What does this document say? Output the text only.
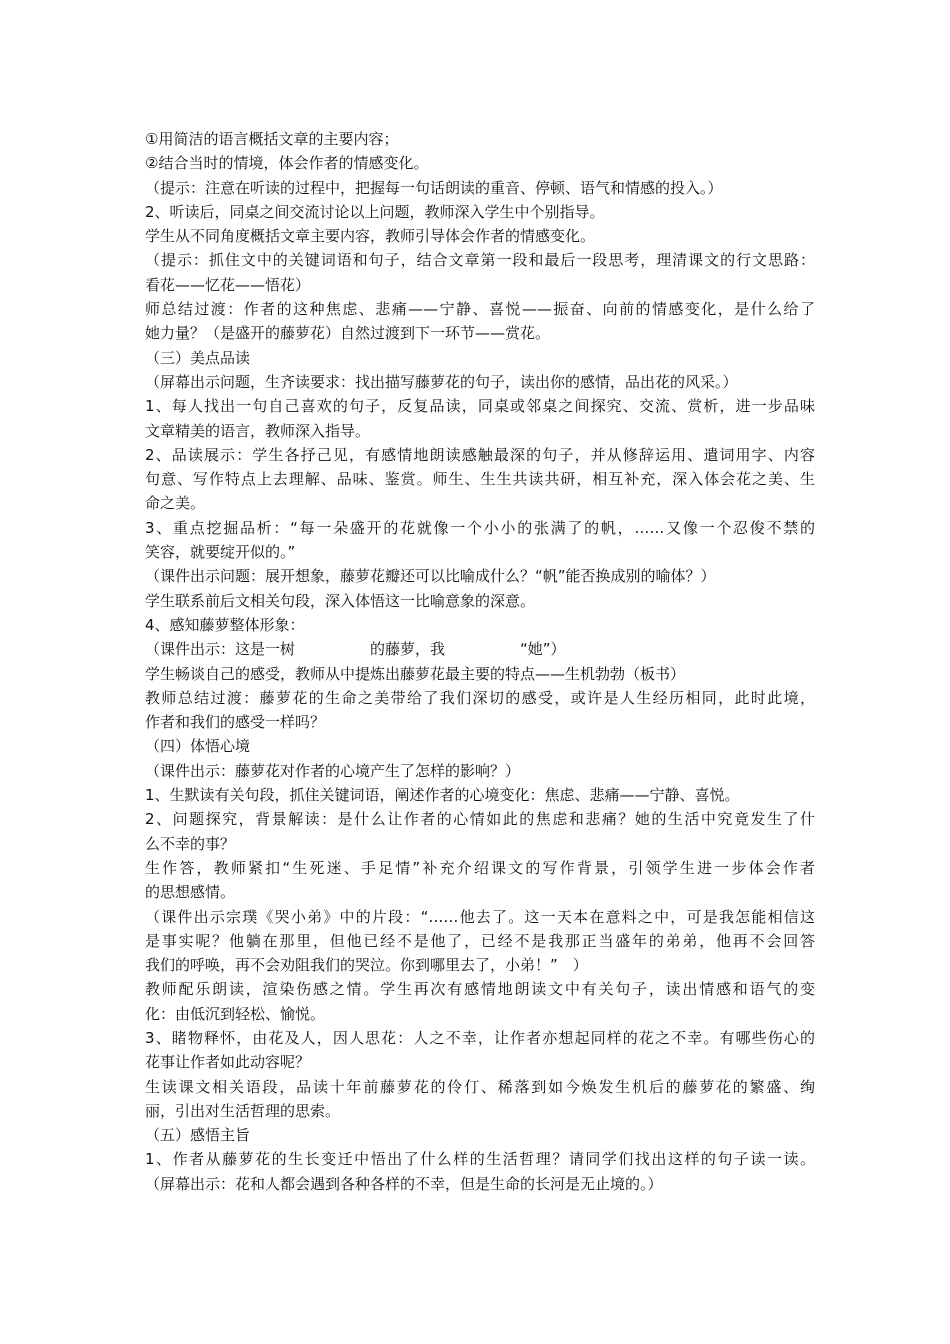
①用简洁的语言概括文章的主要内容；
②结合当时的情境，体会作者的情感变化。
（提示：注意在听读的过程中，把握每一句话朗读的重音、停顿、语气和情感的投入。）
2、听读后，同桌之间交流讨论以上问题，教师深入学生中个别指导。
学生从不同角度概括文章主要内容，教师引导体会作者的情感变化。
（提示：抓住文中的关键词语和句子，结合文章第一段和最后一段思考，理清课文的行文思路：
看花——忆花——悟花）
师总结过渡：作者的这种焦虑、悲痛——宁静、喜悦——振奋、向前的情感变化，是什么给了
她力量？（是盛开的藤萝花）自然过渡到下一环节——赏花。
（三）美点品读
（屏幕出示问题，生齐读要求：找出描写藤萝花的句子，读出你的感情，品出花的风采。）
1、每人找出一句自己喜欢的句子，反复品读，同桌或邻桌之间探究、交流、赏析，进一步品味
文章精美的语言，教师深入指导。
2、品读展示：学生各抒己见，有感情地朗读感触最深的句子，并从修辞运用、遣词用字、内容
句意、写作特点上去理解、品味、鉴赏。师生、生生共读共研，相互补充，深入体会花之美、生
命之美。
3、重点挖掘品析：“每一朵盛开的花就像一个小小的张满了的帆，……又像一个忍俊不禁的
笑容，就要绽开似的。”
（课件出示问题：展开想象，藤萝花瓣还可以比喻成什么？“帆”能否换成别的喻体？）
学生联系前后文相关句段，深入体悟这一比喻意象的深意。
4、感知藤萝整体形象：
（课件出示：这是一树　　　　　的藤萝，我　　　　　“她”）
学生畅谈自己的感受，教师从中提炼出藤萝花最主要的特点——生机勃勃（板书）
教师总结过渡：藤萝花的生命之美带给了我们深切的感受，或许是人生经历相同，此时此境，
作者和我们的感受一样吗？
（四）体悟心境
（课件出示：藤萝花对作者的心境产生了怎样的影响？）
1、生默读有关句段，抓住关键词语，阐述作者的心境变化：焦虑、悲痛——宁静、喜悦。
2、问题探究，背景解读：是什么让作者的心情如此的焦虑和悲痛？她的生活中究竟发生了什
么不幸的事？
生作答，教师紧扣“生死迷、手足情”补充介绍课文的写作背景，引领学生进一步体会作者
的思想感情。
（课件出示宗璞《哭小弟》中的片段：“……他去了。这一天本在意料之中，可是我怎能相信这
是事实呢？他躺在那里，但他已经不是他了，已经不是我那正当盛年的弟弟，他再不会回答
我们的呼唤，再不会劝阻我们的哭泣。你到哪里去了，小弟！”　）
教师配乐朗读，渲染伤感之情。学生再次有感情地朗读文中有关句子，读出情感和语气的变
化：由低沉到轻松、愉悦。
3、睹物释怀，由花及人，因人思花：人之不幸，让作者亦想起同样的花之不幸。有哪些伤心的
花事让作者如此动容呢？
生读课文相关语段，品读十年前藤萝花的伶仃、稀落到如今焕发生机后的藤萝花的繁盛、绚
丽，引出对生活哲理的思索。
（五）感悟主旨
1、作者从藤萝花的生长变迁中悟出了什么样的生活哲理？请同学们找出这样的句子读一读。
（屏幕出示：花和人都会遇到各种各样的不幸，但是生命的长河是无止境的。）
